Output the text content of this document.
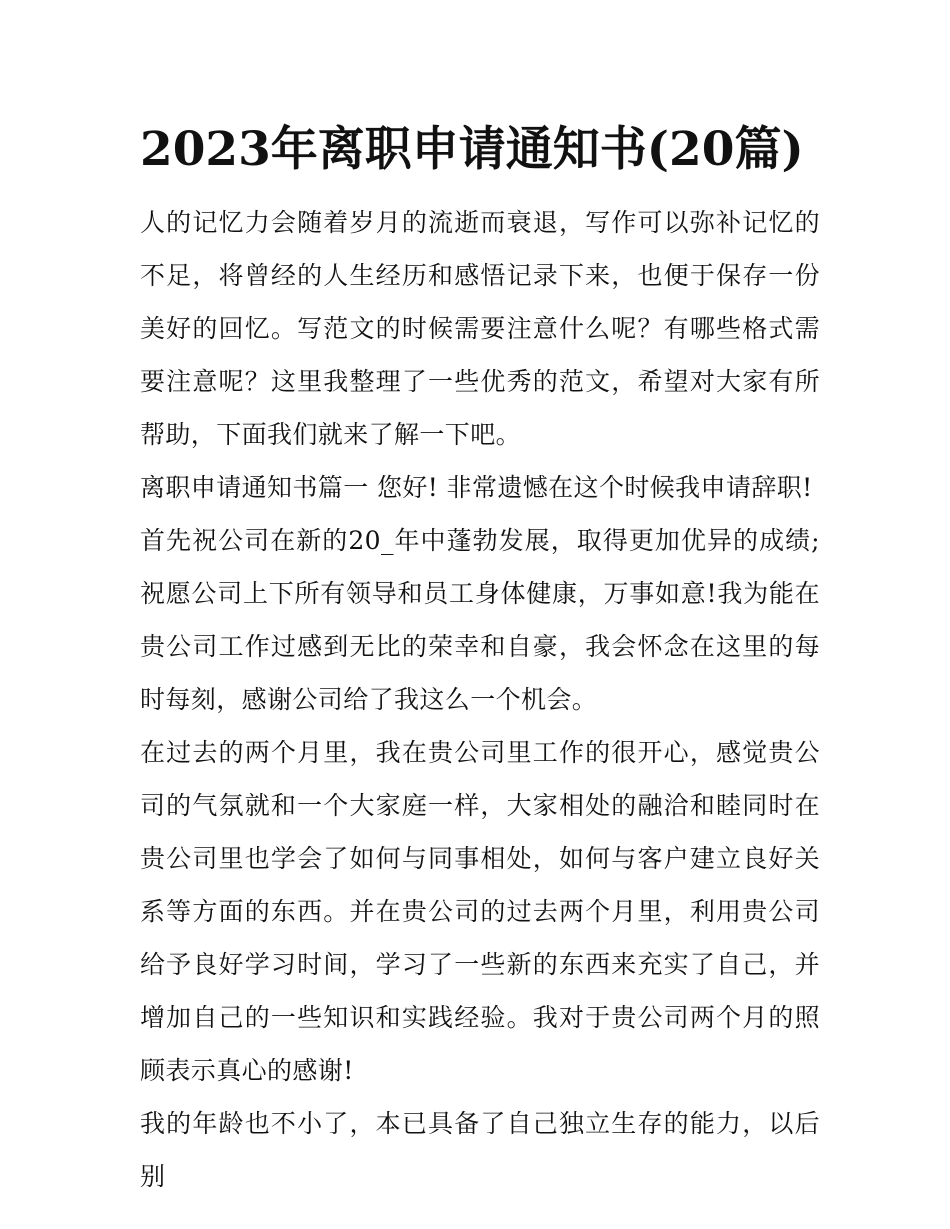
2023年离职申请通知书(20篇)

人的记忆力会随着岁月的流逝而衰退，写作可以弥补记忆的不足，将曾经的人生经历和感悟记录下来，也便于保存一份美好的回忆。写范文的时候需要注意什么呢？有哪些格式需要注意呢？这里我整理了一些优秀的范文，希望对大家有所帮助，下面我们就来了解一下吧。

离职申请通知书篇一 您好! 非常遗憾在这个时候我申请辞职!

首先祝公司在新的20_年中蓬勃发展，取得更加优异的成绩;祝愿公司上下所有领导和员工身体健康，万事如意!我为能在贵公司工作过感到无比的荣幸和自豪，我会怀念在这里的每时每刻，感谢公司给了我这么一个机会。

在过去的两个月里，我在贵公司里工作的很开心，感觉贵公司的气氛就和一个大家庭一样，大家相处的融洽和睦同时在贵公司里也学会了如何与同事相处，如何与客户建立良好关系等方面的东西。并在贵公司的过去两个月里，利用贵公司给予良好学习时间，学习了一些新的东西来充实了自己，并增加自己的一些知识和实践经验。我对于贵公司两个月的照顾表示真心的感谢!

我的年龄也不小了，本已具备了自己独立生存的能力，以后别
